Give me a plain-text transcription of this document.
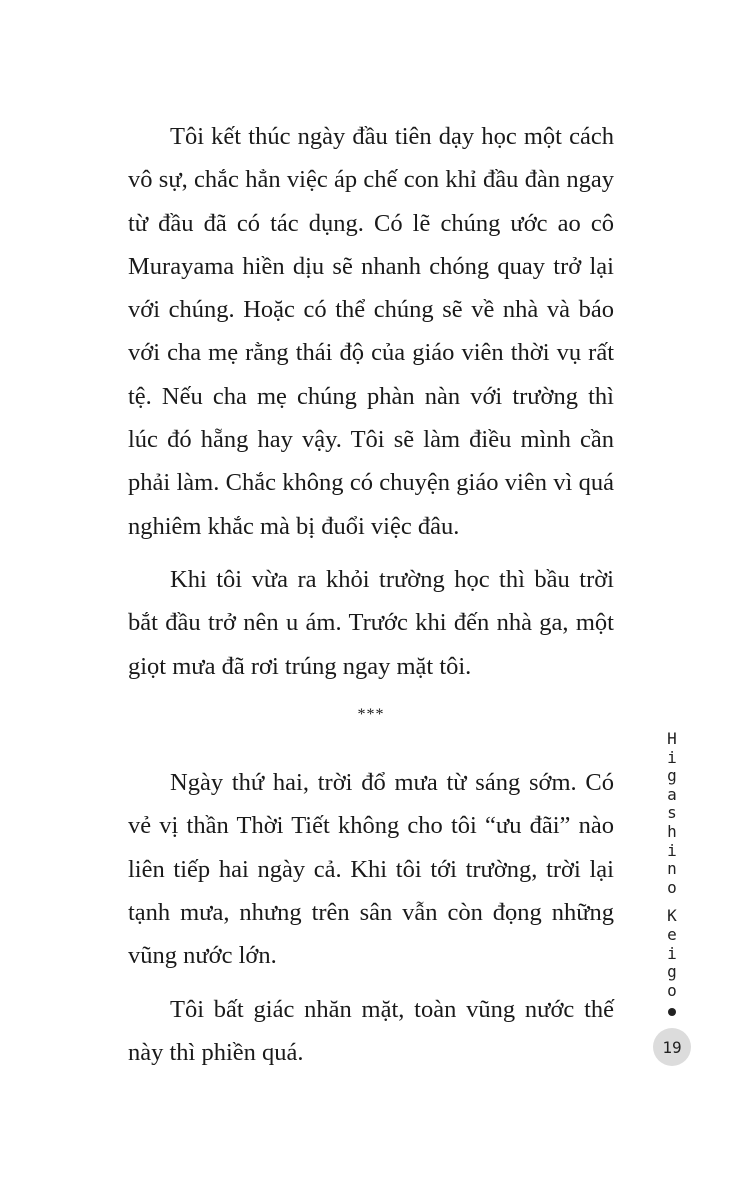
Tôi kết thúc ngày đầu tiên dạy học một cách vô sự, chắc hẳn việc áp chế con khỉ đầu đàn ngay từ đầu đã có tác dụng. Có lẽ chúng ước ao cô Murayama hiền dịu sẽ nhanh chóng quay trở lại với chúng. Hoặc có thể chúng sẽ về nhà và báo với cha mẹ rằng thái độ của giáo viên thời vụ rất tệ. Nếu cha mẹ chúng phàn nàn với trường thì lúc đó hẵng hay vậy. Tôi sẽ làm điều mình cần phải làm. Chắc không có chuyện giáo viên vì quá nghiêm khắc mà bị đuổi việc đâu.

Khi tôi vừa ra khỏi trường học thì bầu trời bắt đầu trở nên u ám. Trước khi đến nhà ga, một giọt mưa đã rơi trúng ngay mặt tôi.

***

Ngày thứ hai, trời đổ mưa từ sáng sớm. Có vẻ vị thần Thời Tiết không cho tôi “ưu đãi” nào liên tiếp hai ngày cả. Khi tôi tới trường, trời lại tạnh mưa, nhưng trên sân vẫn còn đọng những vũng nước lớn.

Tôi bất giác nhăn mặt, toàn vũng nước thế này thì phiền quá.

H
i
g
a
s
h
i
n
o
K
e
i
g
o
19
